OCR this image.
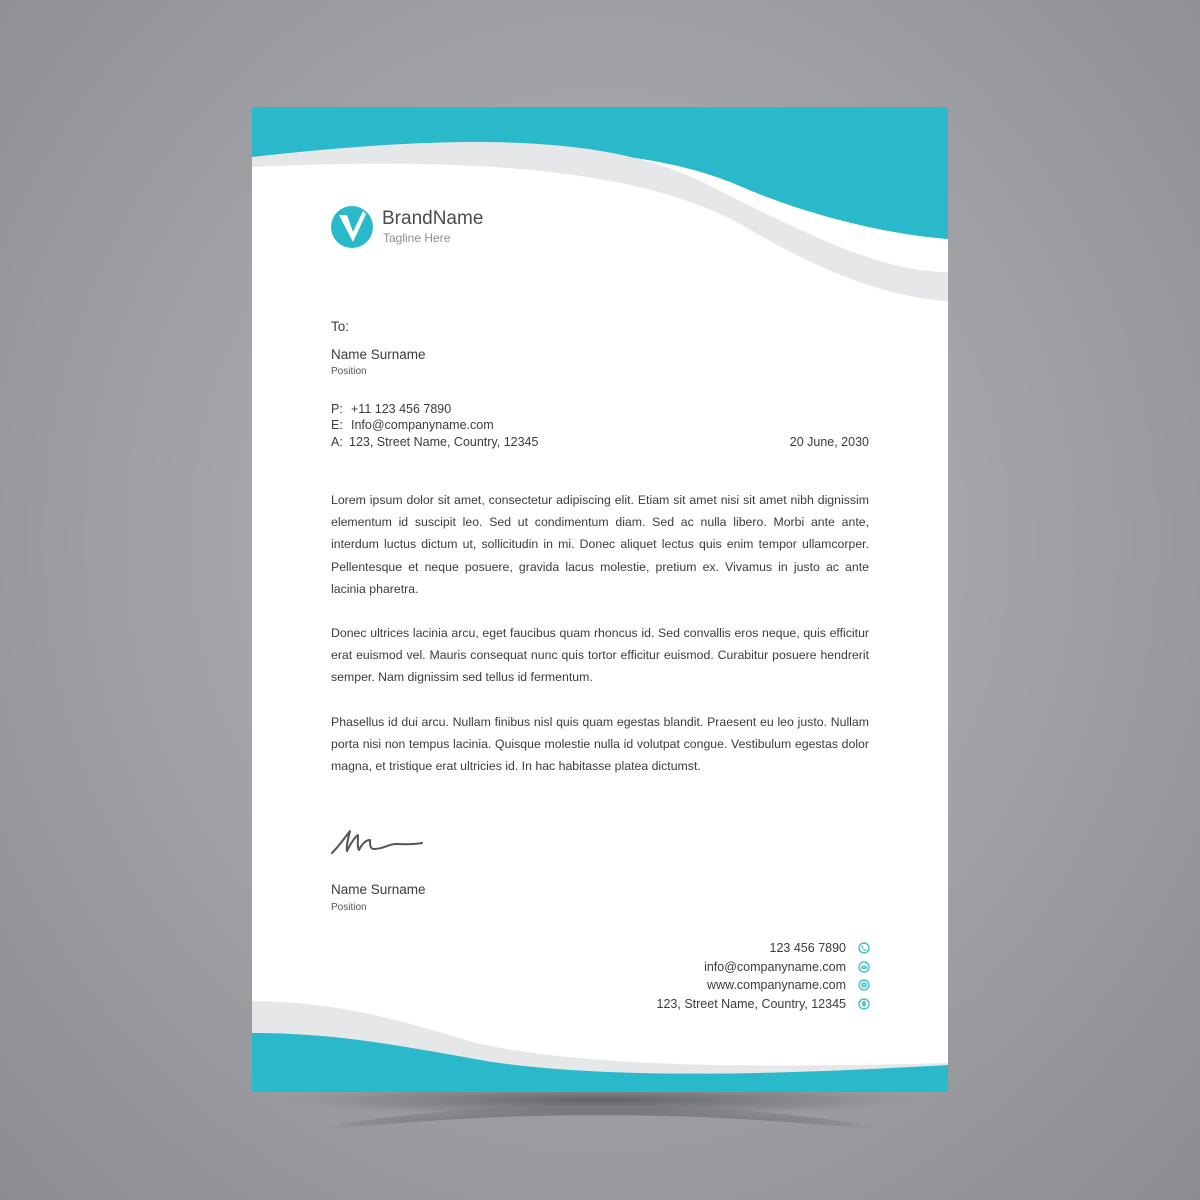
BrandName
Tagline Here
To:
Name Surname
Position
P: +11 123 456 7890
E: Info@companyname.com
A: 123, Street Name, Country, 12345	20 June, 2030

Lorem ipsum dolor sit amet, consectetur adipiscing elit. Etiam sit amet nisi sit amet nibh dignissim elementum id suscipit leo. Sed ut condimentum diam. Sed ac nulla libero. Morbi ante ante, interdum luctus dictum ut, sollicitudin in mi. Donec aliquet lectus quis enim tempor ullamcorper. Pellentesque et neque posuere, gravida lacus molestie, pretium ex. Vivamus in justo ac ante lacinia pharetra.

Donec ultrices lacinia arcu, eget faucibus quam rhoncus id. Sed convallis eros neque, quis efficitur erat euismod vel. Mauris consequat nunc quis tortor efficitur euismod. Curabitur posuere hendrerit semper. Nam dignissim sed tellus id fermentum.

Phasellus id dui arcu. Nullam finibus nisl quis quam egestas blandit. Praesent eu leo justo. Nullam porta nisi non tempus lacinia. Quisque molestie nulla id volutpat congue. Vestibulum egestas dolor magna, et tristique erat ultricies id. In hac habitasse platea dictumst.

Name Surname
Position
123 456 7890
info@companyname.com
www.companyname.com
123, Street Name, Country, 12345
